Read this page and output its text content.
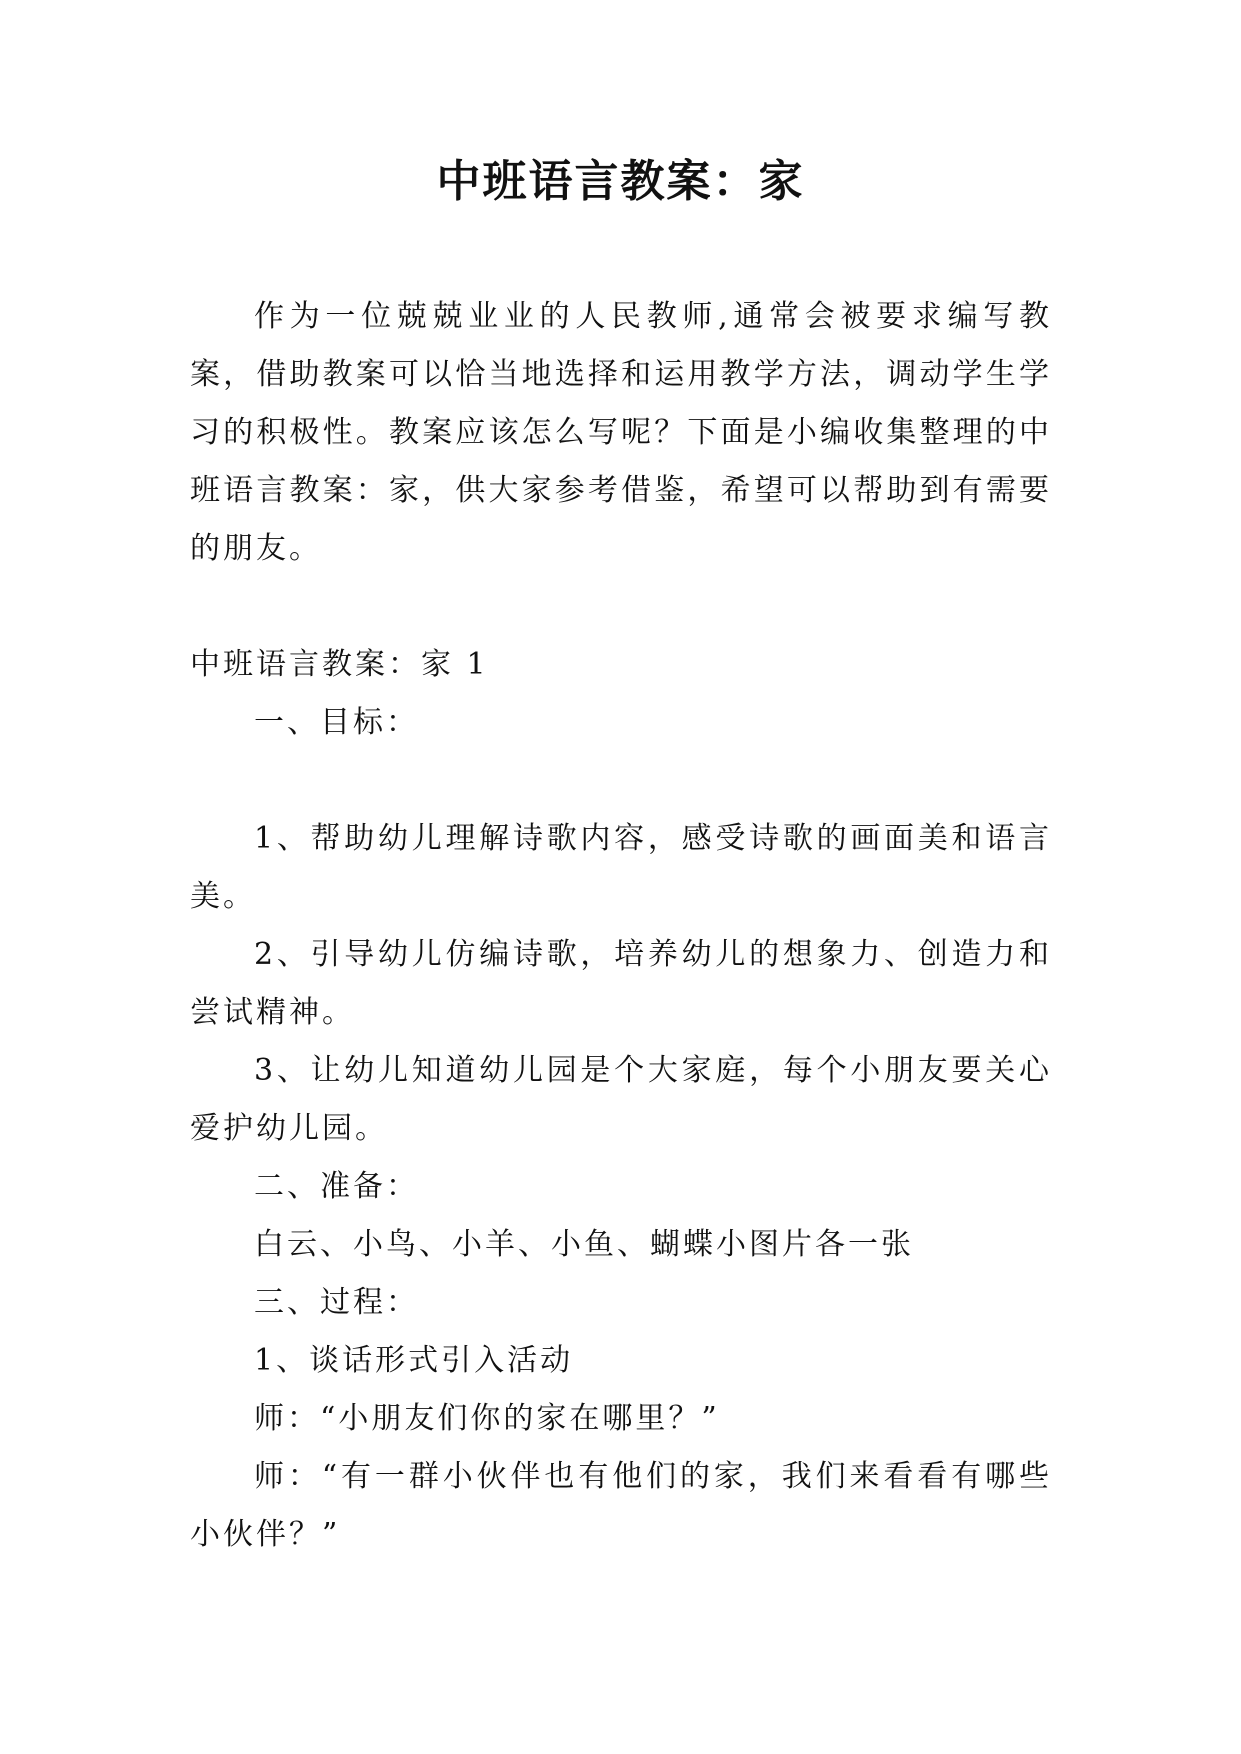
中班语言教案：家

作为一位兢兢业业的人民教师,通常会被要求编写教案，借助教案可以恰当地选择和运用教学方法，调动学生学习的积极性。教案应该怎么写呢？下面是小编收集整理的中班语言教案：家，供大家参考借鉴，希望可以帮助到有需要的朋友。

中班语言教案：家 1

一、目标：

1、帮助幼儿理解诗歌内容，感受诗歌的画面美和语言美。

2、引导幼儿仿编诗歌，培养幼儿的想象力、创造力和尝试精神。

3、让幼儿知道幼儿园是个大家庭，每个小朋友要关心爱护幼儿园。

二、准备：

白云、小鸟、小羊、小鱼、蝴蝶小图片各一张

三、过程：

1、谈话形式引入活动

师：“小朋友们你的家在哪里？”

师：“有一群小伙伴也有他们的家，我们来看看有哪些小伙伴？”
